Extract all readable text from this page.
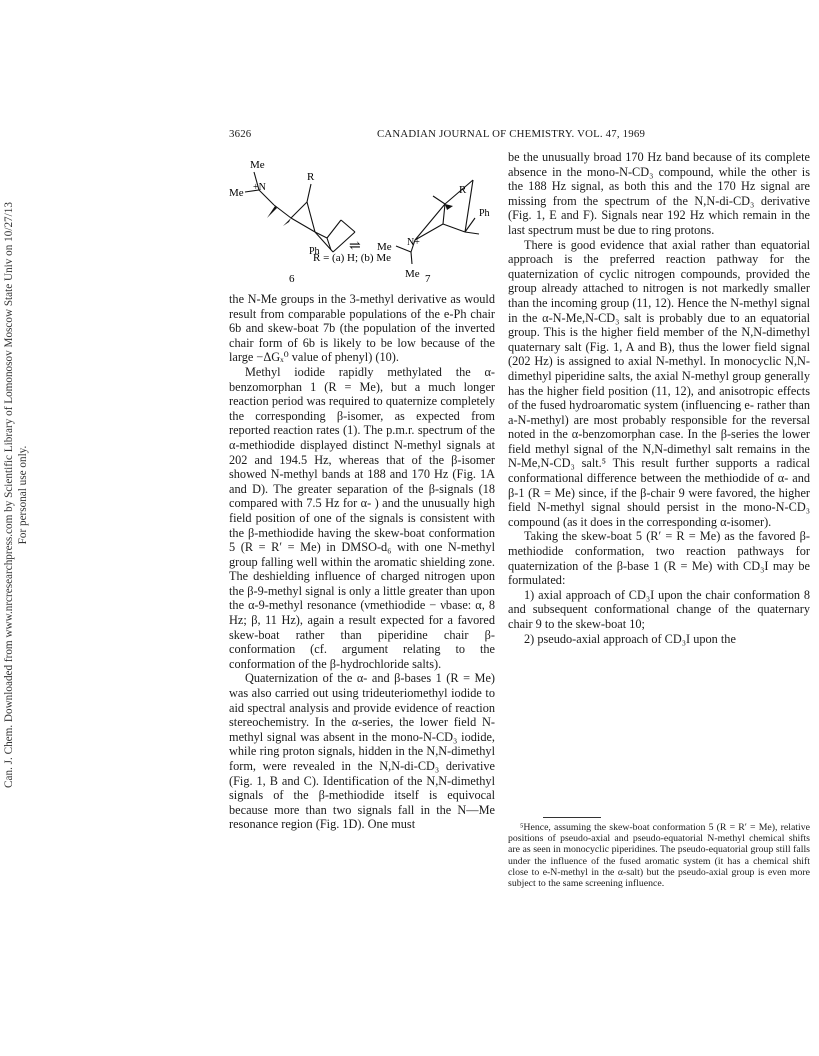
Can. J. Chem. Downloaded from www.nrcresearchpress.com by Scientific Library of Lomonosov Moscow State Univ on 10/27/13 For personal use only.
3626	CANADIAN JOURNAL OF CHEMISTRY. VOL. 47, 1969
Me
Me +N
R
Ph ⇌ Me N+
Me
R
Ph
R = (a) H; (b) Me
6	7

the N-Me groups in the 3-methyl derivative as would result from comparable populations of the e-Ph chair 6b and skew-boat 7b (the population of the inverted chair form of 6b is likely to be low because of the large −ΔGₓ⁰ value of phenyl) (10).

Methyl iodide rapidly methylated the α-benzomorphan 1 (R = Me), but a much longer reaction period was required to quaternize completely the corresponding β-isomer, as expected from reported reaction rates (1). The p.m.r. spectrum of the α-methiodide displayed distinct N-methyl signals at 202 and 194.5 Hz, whereas that of the β-isomer showed N-methyl bands at 188 and 170 Hz (Fig. 1A and D). The greater separation of the β-signals (18 compared with 7.5 Hz for α- ) and the unusually high field position of one of the signals is consistent with the β-methiodide having the skew-boat conformation 5 (R = R′ = Me) in DMSO-d₆ with one N-methyl group falling well within the aromatic shielding zone. The deshielding influence of charged nitrogen upon the β-9-methyl signal is only a little greater than upon the α-9-methyl resonance (νmethiodide − νbase: α, 8 Hz; β, 11 Hz), again a result expected for a favored skew-boat rather than piperidine chair β-conformation (cf. argument relating to the conformation of the β-hydrochloride salts).

Quaternization of the α- and β-bases 1 (R = Me) was also carried out using trideuteriomethyl iodide to aid spectral analysis and provide evidence of reaction stereochemistry. In the α-series, the lower field N-methyl signal was absent in the mono-N-CD₃ iodide, while ring proton signals, hidden in the N,N-dimethyl form, were revealed in the N,N-di-CD₃ derivative (Fig. 1, B and C). Identification of the N,N-dimethyl signals of the β-methiodide itself is equivocal because more than two signals fall in the N—Me resonance region (Fig. 1D). One must

be the unusually broad 170 Hz band because of its complete absence in the mono-N-CD₃ compound, while the other is the 188 Hz signal, as both this and the 170 Hz signal are missing from the spectrum of the N,N-di-CD₃ derivative (Fig. 1, E and F). Signals near 192 Hz which remain in the last spectrum must be due to ring protons.

There is good evidence that axial rather than equatorial approach is the preferred reaction pathway for the quaternization of cyclic nitrogen compounds, provided the group already attached to nitrogen is not markedly smaller than the incoming group (11, 12). Hence the N-methyl signal in the α-N-Me,N-CD₃ salt is probably due to an equatorial group. This is the higher field member of the N,N-dimethyl quaternary salt (Fig. 1, A and B), thus the lower field signal (202 Hz) is assigned to axial N-methyl. In monocyclic N,N-dimethyl piperidine salts, the axial N-methyl group generally has the higher field position (11, 12), and anisotropic effects of the fused hydroaromatic system (influencing e- rather than a-N-methyl) are most probably responsible for the reversal noted in the α-benzomorphan case. In the β-series the lower field methyl signal of the N,N-dimethyl salt remains in the N-Me,N-CD₃ salt.⁵ This result further supports a radical conformational difference between the methiodide of α- and β-1 (R = Me) since, if the β-chair 9 were favored, the higher field N-methyl signal should persist in the mono-N-CD₃ compound (as it does in the corresponding α-isomer).

Taking the skew-boat 5 (R′ = R = Me) as the favored β-methiodide conformation, two reaction pathways for quaternization of the β-base 1 (R = Me) with CD₃I may be formulated:

1) axial approach of CD₃I upon the chair conformation 8 and subsequent conformational change of the quaternary chair 9 to the skew-boat 10;

2) pseudo-axial approach of CD₃I upon the

⁵Hence, assuming the skew-boat conformation 5 (R = R′ = Me), relative positions of pseudo-axial and pseudo-equatorial N-methyl chemical shifts are as seen in monocyclic piperidines. The pseudo-equatorial group still falls under the influence of the fused aromatic system (it has a chemical shift close to e-N-methyl in the α-salt) but the pseudo-axial group is even more subject to the same screening influence.
